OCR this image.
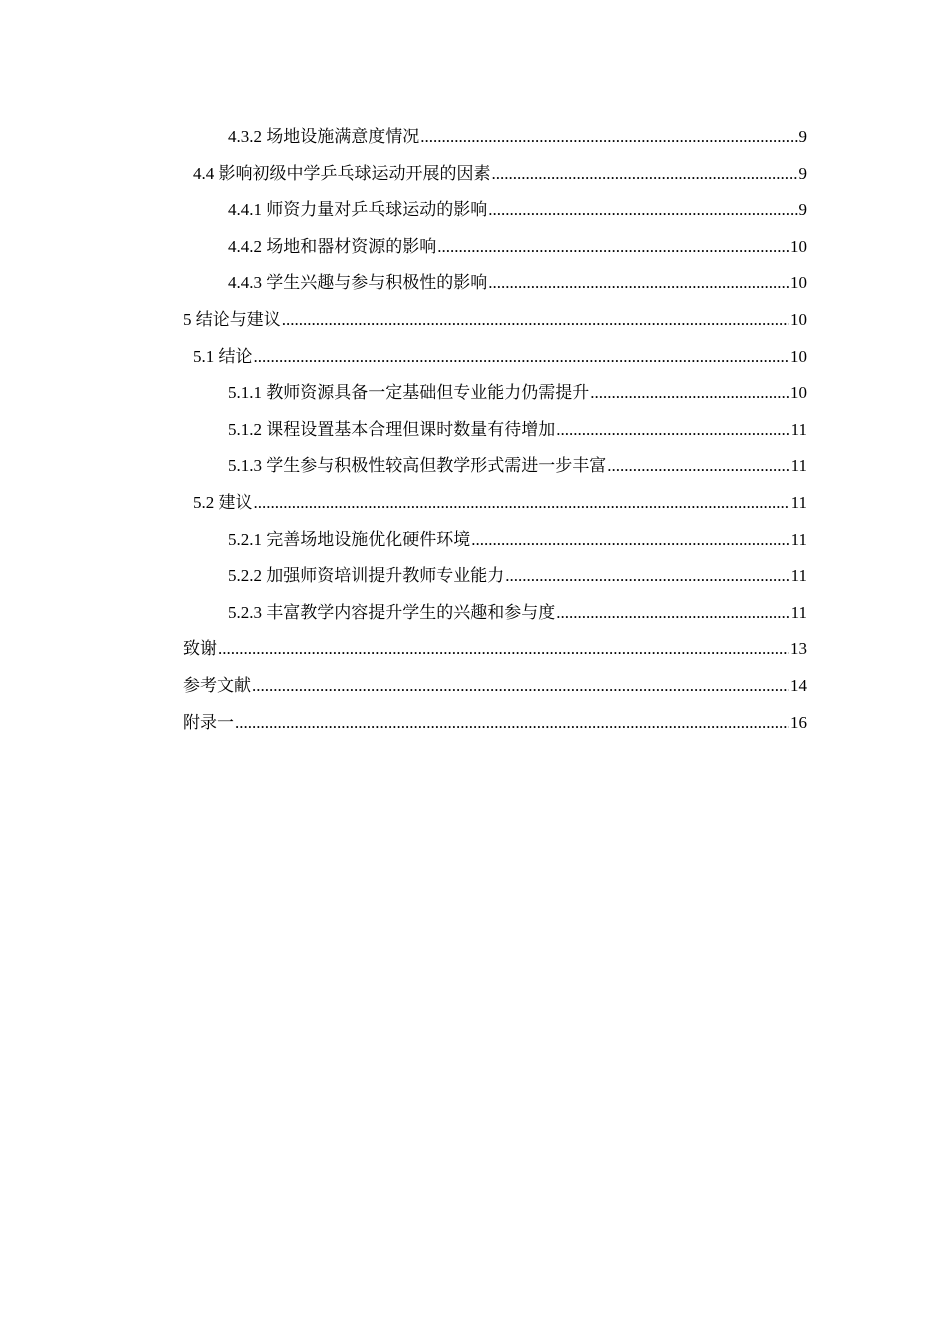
4.3.2 场地设施满意度情况 .....	9
4.4 影响初级中学乒乓球运动开展的因素 .....	9
4.4.1 师资力量对乒乓球运动的影响 .....	9
4.4.2 场地和器材资源的影响 .....	10
4.4.3 学生兴趣与参与积极性的影响 .....	10
5 结论与建议 .....	10
5.1 结论 .....	10
5.1.1 教师资源具备一定基础但专业能力仍需提升 .....	10
5.1.2 课程设置基本合理但课时数量有待增加 .....	11
5.1.3 学生参与积极性较高但教学形式需进一步丰富 .....	11
5.2 建议 .....	11
5.2.1 完善场地设施优化硬件环境 .....	11
5.2.2 加强师资培训提升教师专业能力 .....	11
5.2.3 丰富教学内容提升学生的兴趣和参与度 .....	11
致谢 .....	13
参考文献 .....	14
附录一 .....	16
